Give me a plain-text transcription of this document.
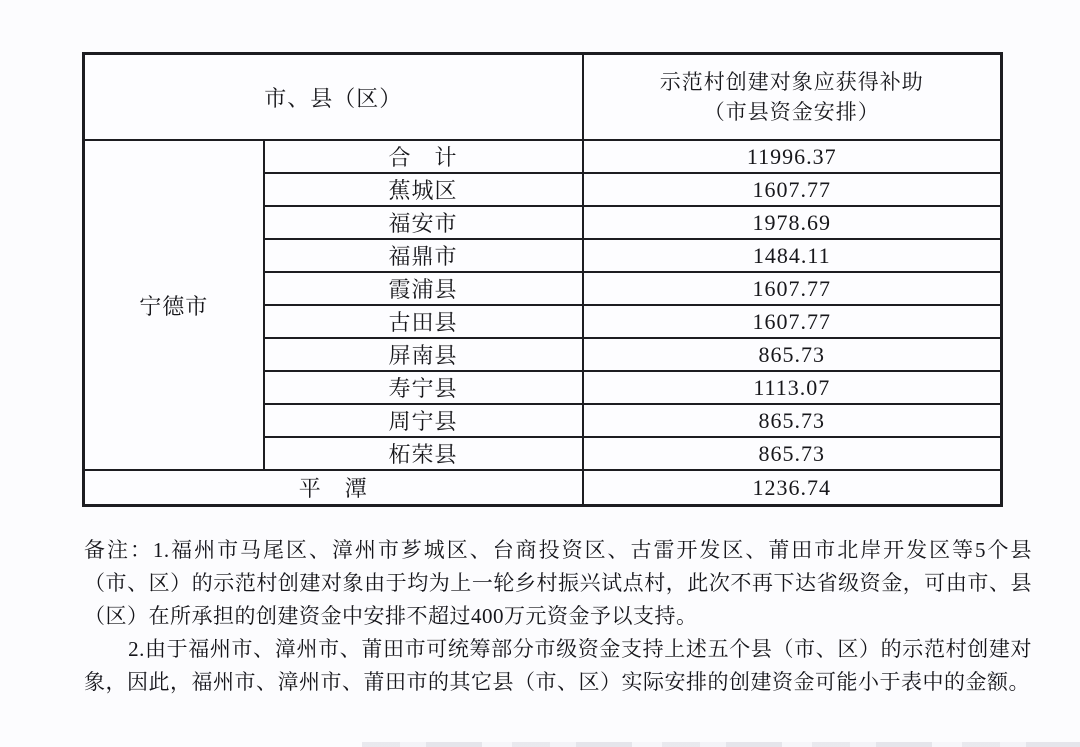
市、县（区）		示范村创建对象应获得补助
（市县资金安排）

宁德市	合　计	11996.37
	蕉城区	1607.77
	福安市	1978.69
	福鼎市	1484.11
	霞浦县	1607.77
	古田县	1607.77
	屏南县	865.73
	寿宁县	1113.07
	周宁县	865.73
	柘荣县	865.73
平　潭		1236.74

备注：1.福州市马尾区、漳州市芗城区、台商投资区、古雷开发区、莆田市北岸开发区等5个县（市、区）的示范村创建对象由于均为上一轮乡村振兴试点村，此次不再下达省级资金，可由市、县（区）在所承担的创建资金中安排不超过400万元资金予以支持。

2.由于福州市、漳州市、莆田市可统筹部分市级资金支持上述五个县（市、区）的示范村创建对象，因此，福州市、漳州市、莆田市的其它县（市、区）实际安排的创建资金可能小于表中的金额。
